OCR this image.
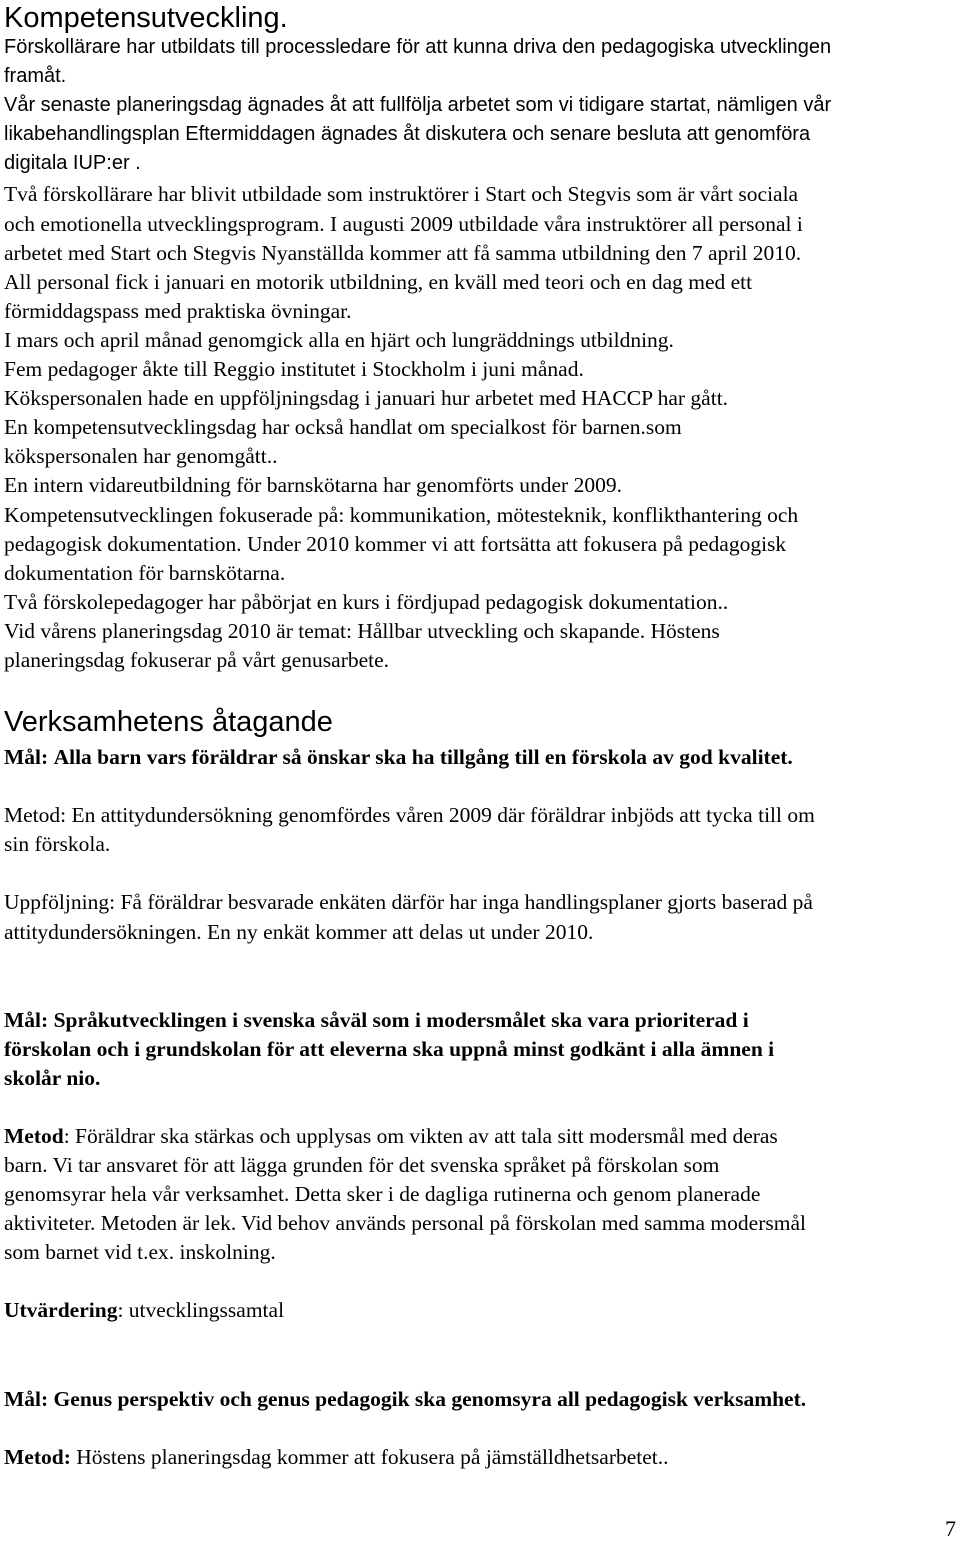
Kompetensutveckling.
Förskollärare har utbildats till processledare för att kunna driva den pedagogiska utvecklingen
framåt.
Vår senaste planeringsdag ägnades åt att fullfölja arbetet som vi tidigare startat, nämligen vår
likabehandlingsplan Eftermiddagen ägnades åt diskutera och senare besluta att genomföra
digitala IUP:er .
Två förskollärare har blivit utbildade som instruktörer i Start och Stegvis som är vårt sociala
och emotionella utvecklingsprogram. I augusti 2009 utbildade våra instruktörer all personal i
arbetet med Start och Stegvis Nyanställda kommer att få samma utbildning den 7 april 2010.
All personal fick i januari en motorik utbildning, en kväll med teori och en dag med ett
förmiddagspass med praktiska övningar.
I mars och april månad genomgick alla en hjärt och lungräddnings utbildning.
Fem pedagoger åkte till Reggio institutet i Stockholm i juni månad.
Kökspersonalen hade en uppföljningsdag i januari hur arbetet med HACCP har gått.
En kompetensutvecklingsdag har också handlat om specialkost för barnen.som
kökspersonalen har genomgått..
En intern vidareutbildning för barnskötarna har genomförts under 2009.
Kompetensutvecklingen fokuserade på: kommunikation, mötesteknik, konflikthantering och
pedagogisk dokumentation. Under 2010 kommer vi att fortsätta att fokusera på pedagogisk
dokumentation för barnskötarna.
Två förskolepedagoger har påbörjat en kurs i fördjupad pedagogisk dokumentation..
Vid vårens planeringsdag 2010 är temat: Hållbar utveckling och skapande. Höstens
planeringsdag fokuserar på vårt genusarbete.
Verksamhetens åtagande
Mål: Alla barn vars föräldrar så önskar ska ha tillgång till en förskola av god kvalitet.
Metod: En attitydundersökning genomfördes våren 2009 där föräldrar inbjöds att tycka till om
sin förskola.
Uppföljning: Få föräldrar besvarade enkäten därför har inga handlingsplaner gjorts baserad på
attitydundersökningen. En ny enkät kommer att delas ut under 2010.
Mål: Språkutvecklingen i svenska såväl som i modersmålet ska vara prioriterad i
förskolan och i grundskolan för att eleverna ska uppnå minst godkänt i alla ämnen i
skolår nio.
Metod: Föräldrar ska stärkas och upplysas om vikten av att tala sitt modersmål med deras
barn. Vi tar ansvaret för att lägga grunden för det svenska språket på förskolan som
genomsyrar hela vår verksamhet. Detta sker i de dagliga rutinerna och genom planerade
aktiviteter. Metoden är lek. Vid behov används personal på förskolan med samma modersmål
som barnet vid t.ex. inskolning.
Utvärdering: utvecklingssamtal
Mål: Genus perspektiv och genus pedagogik ska genomsyra all pedagogisk verksamhet.
Metod: Höstens planeringsdag kommer att fokusera på jämställdhetsarbetet..
7
